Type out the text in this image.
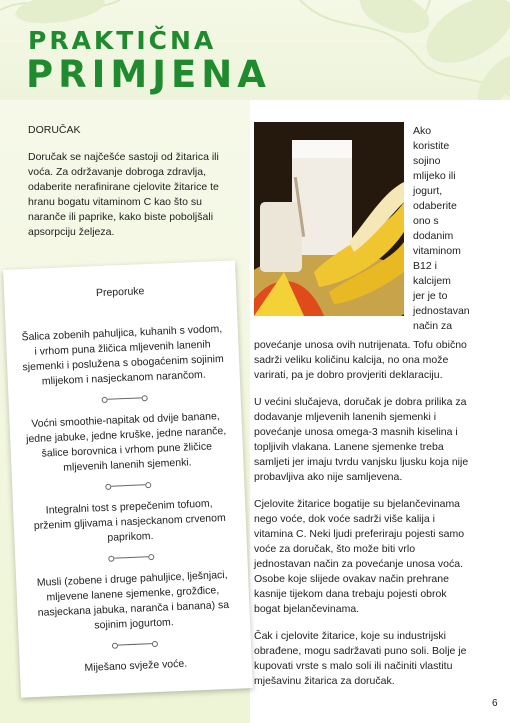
PRAKTIČNA
PRIMJENA
DORUČAK
Doručak se najčešće sastoji od žitarica ili
voća. Za održavanje dobroga zdravlja,
odaberite nerafinirane cjelovite žitarice te
hranu bogatu vitaminom C kao što su
naranče ili paprike, kako biste poboljšali
apsorpciju željeza.
Preporuke
Šalica zobenih pahuljica, kuhanih s vodom,
i vrhom puna žličica mljevenih lanenih
sjemenki i posluženа s obogaćenim sojinim
mlijekom i nasjeckanom narančom.
Voćni smoothie-napitak od dvije banane,
jedne jabuke, jedne kruške, jedne naranče,
šalice borovnica i vrhom pune žličice
mljevenih lanenih sjemenki.
Integralni tost s prepečenim tofuom,
prženim gljivama i nasjeckanom crvenom
paprikom.
Musli (zobene i druge pahuljice, lješnjaci,
mljevene lanene sjemenke, grožđice,
nasjeckana jabuka, naranča i banana) sa
sojinim jogurtom.
Miješano svježe voće.
Ako
koristite
sojino
mlijeko ili
jogurt,
odaberite
ono s
dodanim
vitaminom
B12 i
kalcijem
jer je to
jednostavan
način za

povećanje unosa ovih nutrijenata. Tofu obično
sadrži veliku količinu kalcija, no ona može
varirati, pa je dobro provjeriti deklaraciju.

U većini slučajeva, doručak je dobra prilika za
dodavanje mljevenih lanenih sjemenki i
povećanje unosa omega-3 masnih kiselina i
topljivih vlakana. Lanene sjemenke treba
samljeti jer imaju tvrdu vanjsku ljusku koja nije
probavljiva ako nije samljevena.

Cjelovite žitarice bogatije su bjelančevinama
nego voće, dok voće sadrži više kalija i
vitamina C. Neki ljudi preferiraju pojesti samo
voće za doručak, što može biti vrlo
jednostavan način za povećanje unosa voća.
Osobe koje slijede ovakav način prehrane
kasnije tijekom dana trebaju pojesti obrok
bogat bjelančevinama.

Čak i cjelovite žitarice, koje su industrijski
obrađene, mogu sadržavati puno soli. Bolje je
kupovati vrste s malo soli ili načiniti vlastitu
mješavinu žitarica za doručak.

6
